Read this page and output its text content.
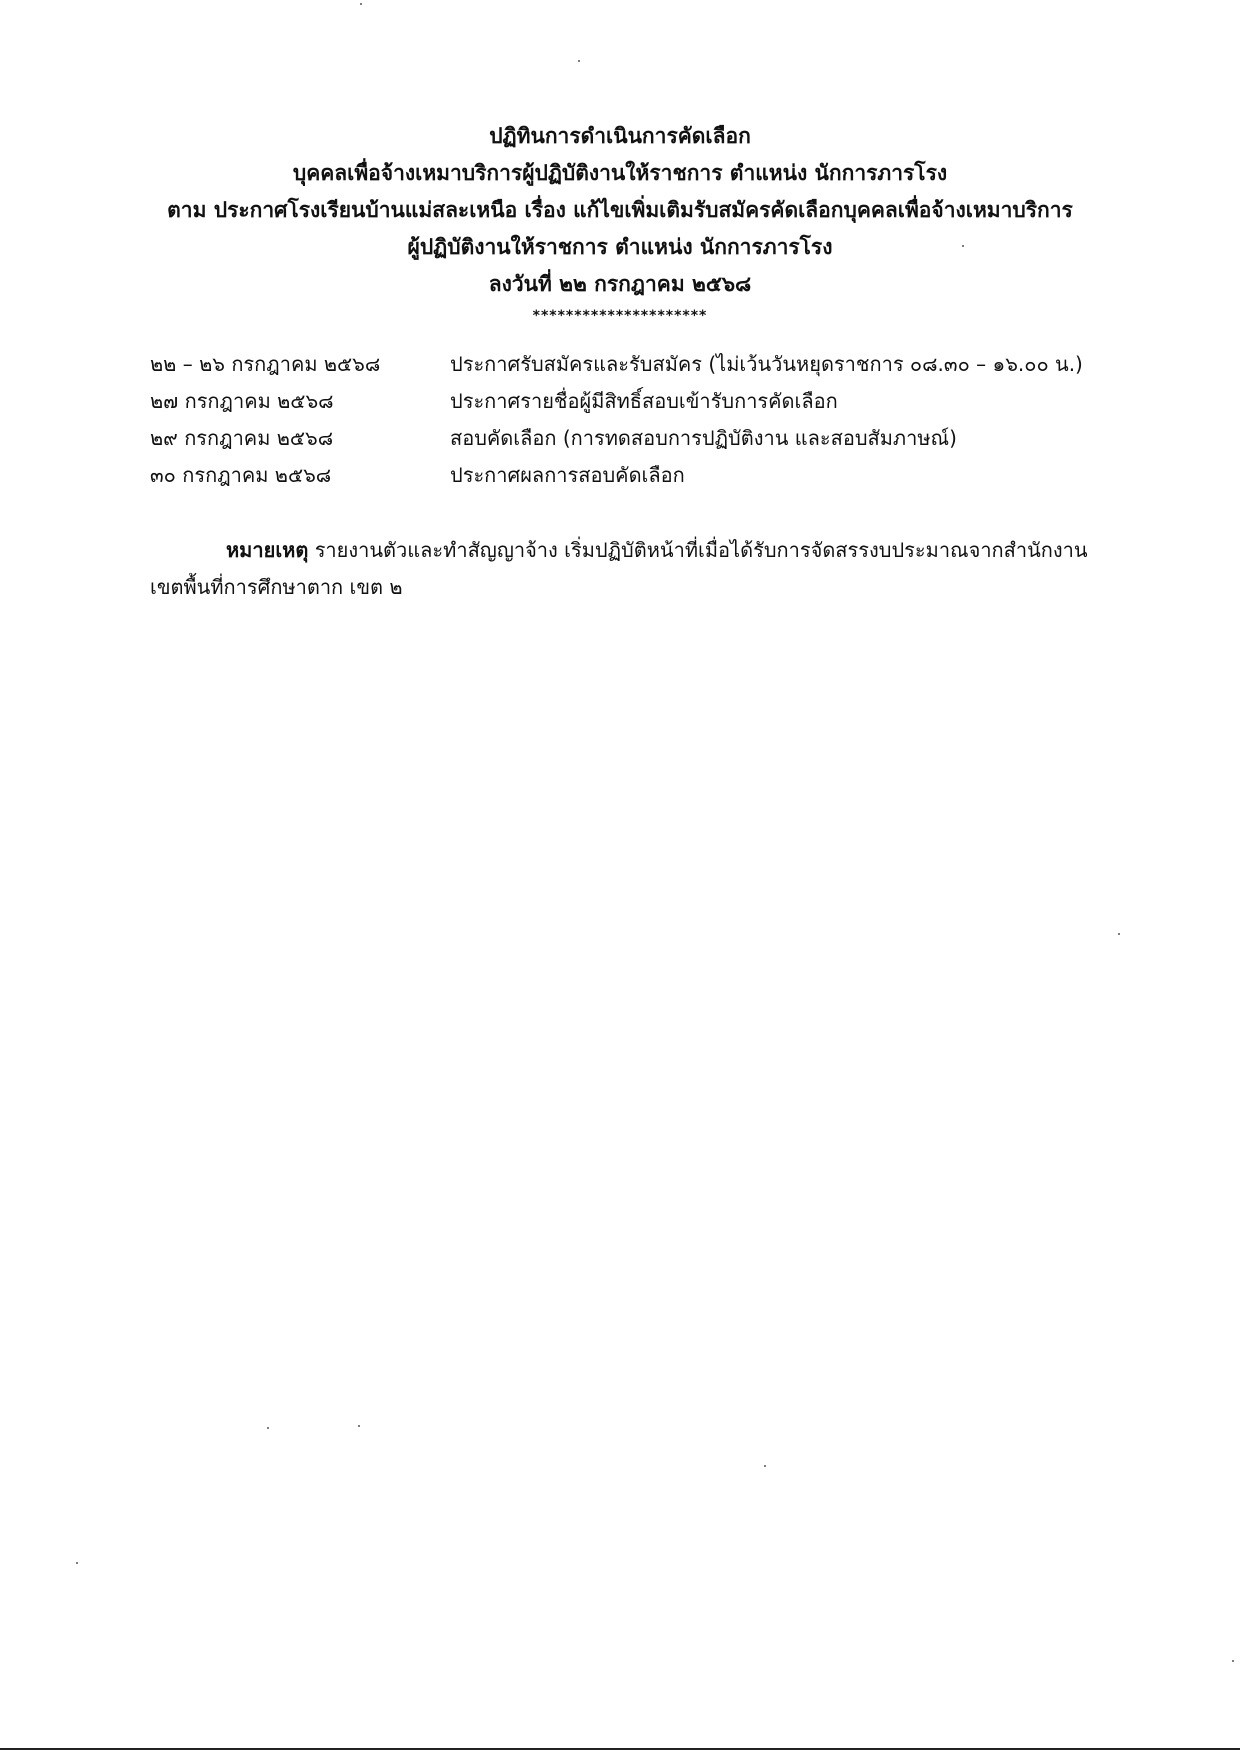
ปฏิทินการดำเนินการคัดเลือก
บุคคลเพื่อจ้างเหมาบริการผู้ปฏิบัติงานให้ราชการ ตำแหน่ง นักการภารโรง
ตาม ประกาศโรงเรียนบ้านแม่สละเหนือ เรื่อง แก้ไขเพิ่มเติมรับสมัครคัดเลือกบุคคลเพื่อจ้างเหมาบริการ
ผู้ปฏิบัติงานให้ราชการ ตำแหน่ง นักการภารโรง
ลงวันที่ ๒๒ กรกฎาคม ๒๕๖๘
*********************
๒๒ – ๒๖ กรกฎาคม ๒๕๖๘	ประกาศรับสมัครและรับสมัคร (ไม่เว้นวันหยุดราชการ ๐๘.๓๐ – ๑๖.๐๐ น.)
๒๗ กรกฎาคม ๒๕๖๘	ประกาศรายชื่อผู้มีสิทธิ์สอบเข้ารับการคัดเลือก
๒๙ กรกฎาคม ๒๕๖๘	สอบคัดเลือก (การทดสอบการปฏิบัติงาน และสอบสัมภาษณ์)
๓๐ กรกฎาคม ๒๕๖๘	ประกาศผลการสอบคัดเลือก
หมายเหตุ รายงานตัวและทำสัญญาจ้าง เริ่มปฏิบัติหน้าที่เมื่อได้รับการจัดสรรงบประมาณจากสำนักงาน
เขตพื้นที่การศึกษาตาก เขต ๒
